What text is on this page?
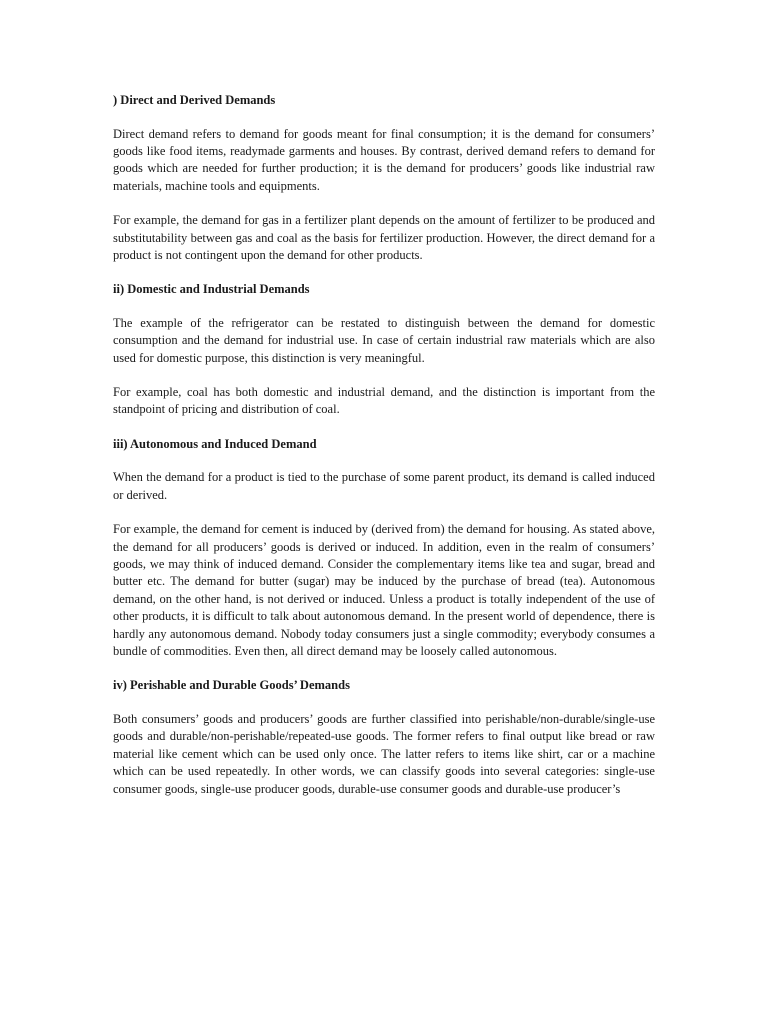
) Direct and Derived Demands

Direct demand refers to demand for goods meant for final consumption; it is the demand for consumers’ goods like food items, readymade garments and houses. By contrast, derived demand refers to demand for goods which are needed for further production; it is the demand for producers’ goods like industrial raw materials, machine tools and equipments.

For example, the demand for gas in a fertilizer plant depends on the amount of fertilizer to be produced and substitutability between gas and coal as the basis for fertilizer production. However, the direct demand for a product is not contingent upon the demand for other products.

ii) Domestic and Industrial Demands

The example of the refrigerator can be restated to distinguish between the demand for domestic consumption and the demand for industrial use. In case of certain industrial raw materials which are also used for domestic purpose, this distinction is very meaningful.

For example, coal has both domestic and industrial demand, and the distinction is important from the standpoint of pricing and distribution of coal.

iii) Autonomous and Induced Demand

When the demand for a product is tied to the purchase of some parent product, its demand is called induced or derived.

For example, the demand for cement is induced by (derived from) the demand for housing. As stated above, the demand for all producers’ goods is derived or induced. In addition, even in the realm of consumers’ goods, we may think of induced demand. Consider the complementary items like tea and sugar, bread and butter etc. The demand for butter (sugar) may be induced by the purchase of bread (tea). Autonomous demand, on the other hand, is not derived or induced. Unless a product is totally independent of the use of other products, it is difficult to talk about autonomous demand. In the present world of dependence, there is hardly any autonomous demand. Nobody today consumers just a single commodity; everybody consumes a bundle of commodities. Even then, all direct demand may be loosely called autonomous.

iv) Perishable and Durable Goods’ Demands

Both consumers’ goods and producers’ goods are further classified into perishable/non-durable/single-use goods and durable/non-perishable/repeated-use goods. The former refers to final output like bread or raw material like cement which can be used only once. The latter refers to items like shirt, car or a machine which can be used repeatedly. In other words, we can classify goods into several categories: single-use consumer goods, single-use producer goods, durable-use consumer goods and durable-use producer’s
